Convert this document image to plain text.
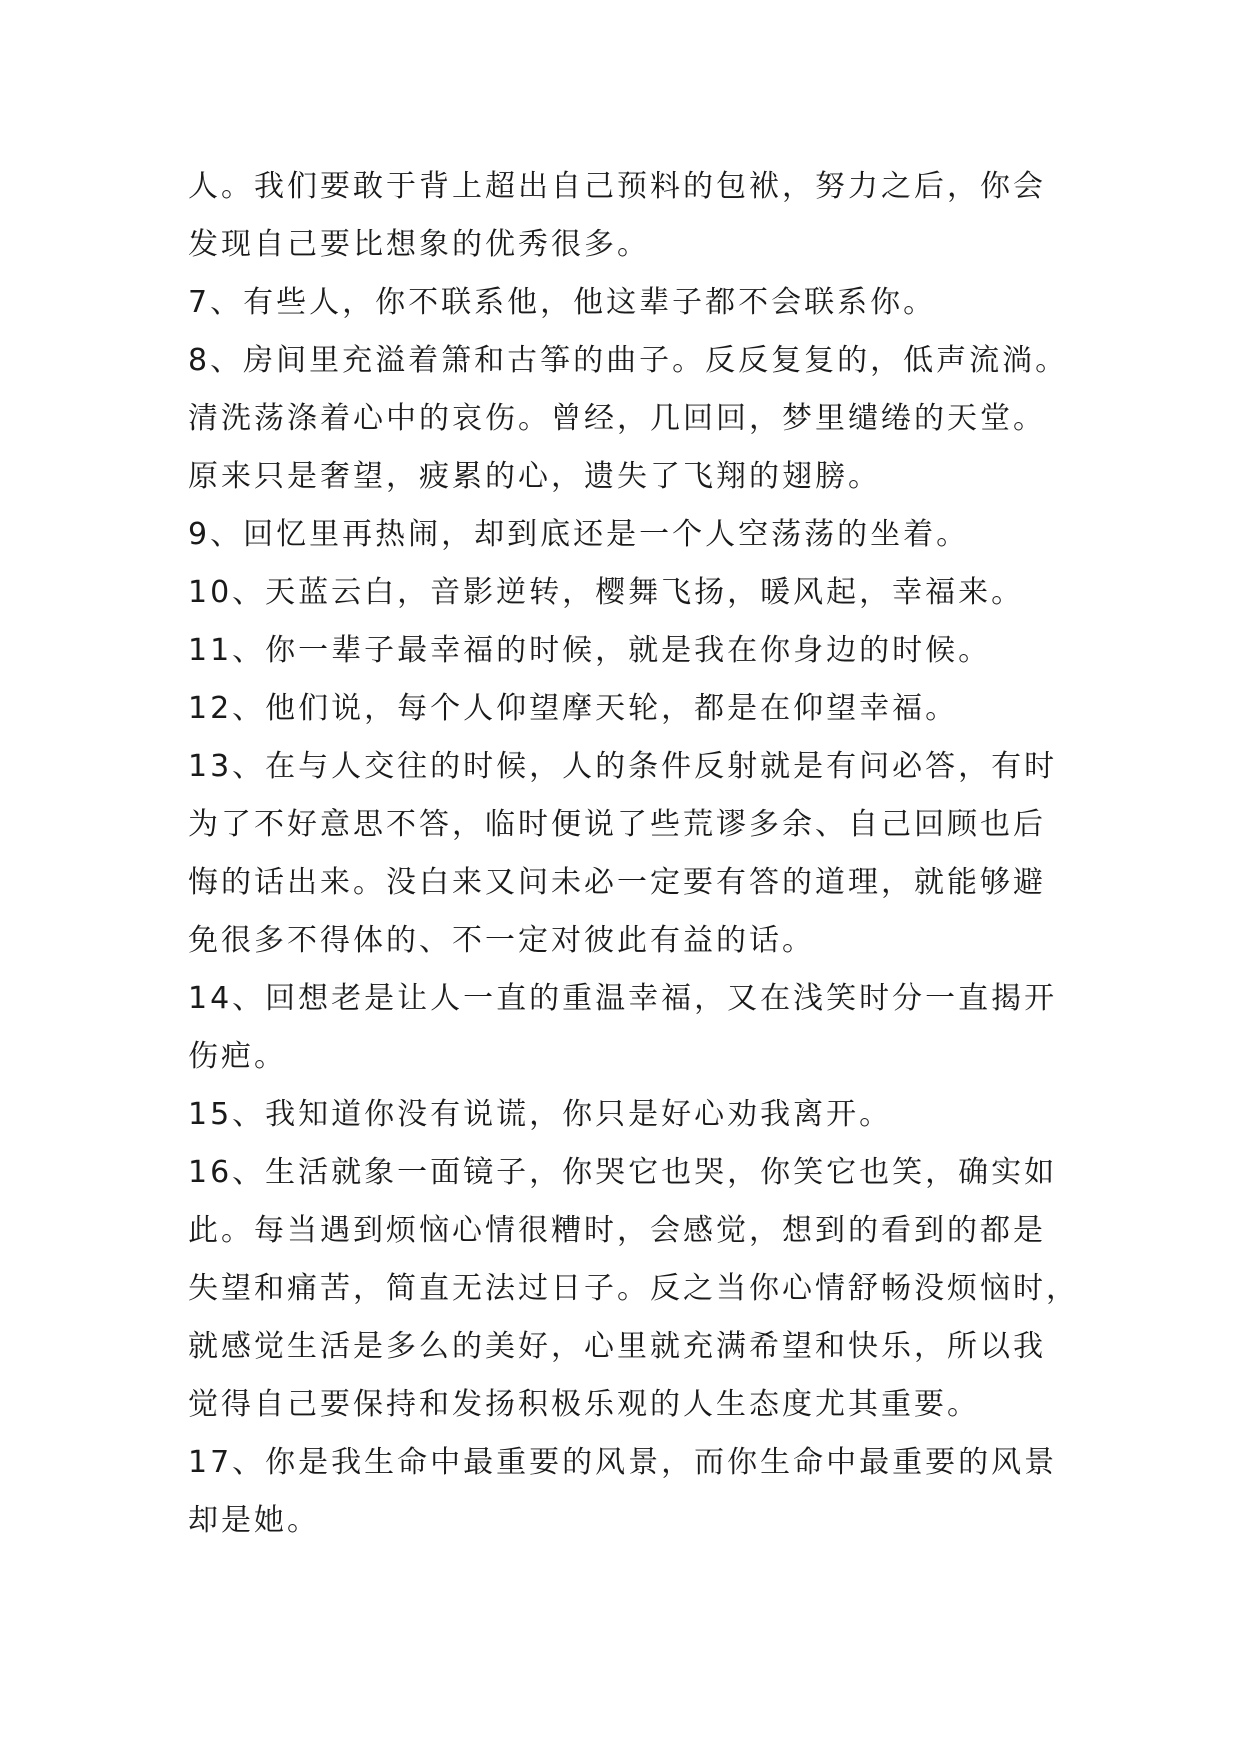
人。我们要敢于背上超出自己预料的包袱，努力之后，你会
发现自己要比想象的优秀很多。
7、有些人，你不联系他，他这辈子都不会联系你。
8、房间里充溢着箫和古筝的曲子。反反复复的，低声流淌。
清洗荡涤着心中的哀伤。曾经，几回回，梦里缱绻的天堂。
原来只是奢望，疲累的心，遗失了飞翔的翅膀。
9、回忆里再热闹，却到底还是一个人空荡荡的坐着。
10、天蓝云白，音影逆转，樱舞飞扬，暖风起，幸福来。
11、你一辈子最幸福的时候，就是我在你身边的时候。
12、他们说，每个人仰望摩天轮，都是在仰望幸福。
13、在与人交往的时候，人的条件反射就是有问必答，有时
为了不好意思不答，临时便说了些荒谬多余、自己回顾也后
悔的话出来。没白来又问未必一定要有答的道理，就能够避
免很多不得体的、不一定对彼此有益的话。
14、回想老是让人一直的重温幸福，又在浅笑时分一直揭开
伤疤。
15、我知道你没有说谎，你只是好心劝我离开。
16、生活就象一面镜子，你哭它也哭，你笑它也笑，确实如
此。每当遇到烦恼心情很糟时，会感觉，想到的看到的都是
失望和痛苦，简直无法过日子。反之当你心情舒畅没烦恼时，
就感觉生活是多么的美好，心里就充满希望和快乐，所以我
觉得自己要保持和发扬积极乐观的人生态度尤其重要。
17、你是我生命中最重要的风景，而你生命中最重要的风景
却是她。
